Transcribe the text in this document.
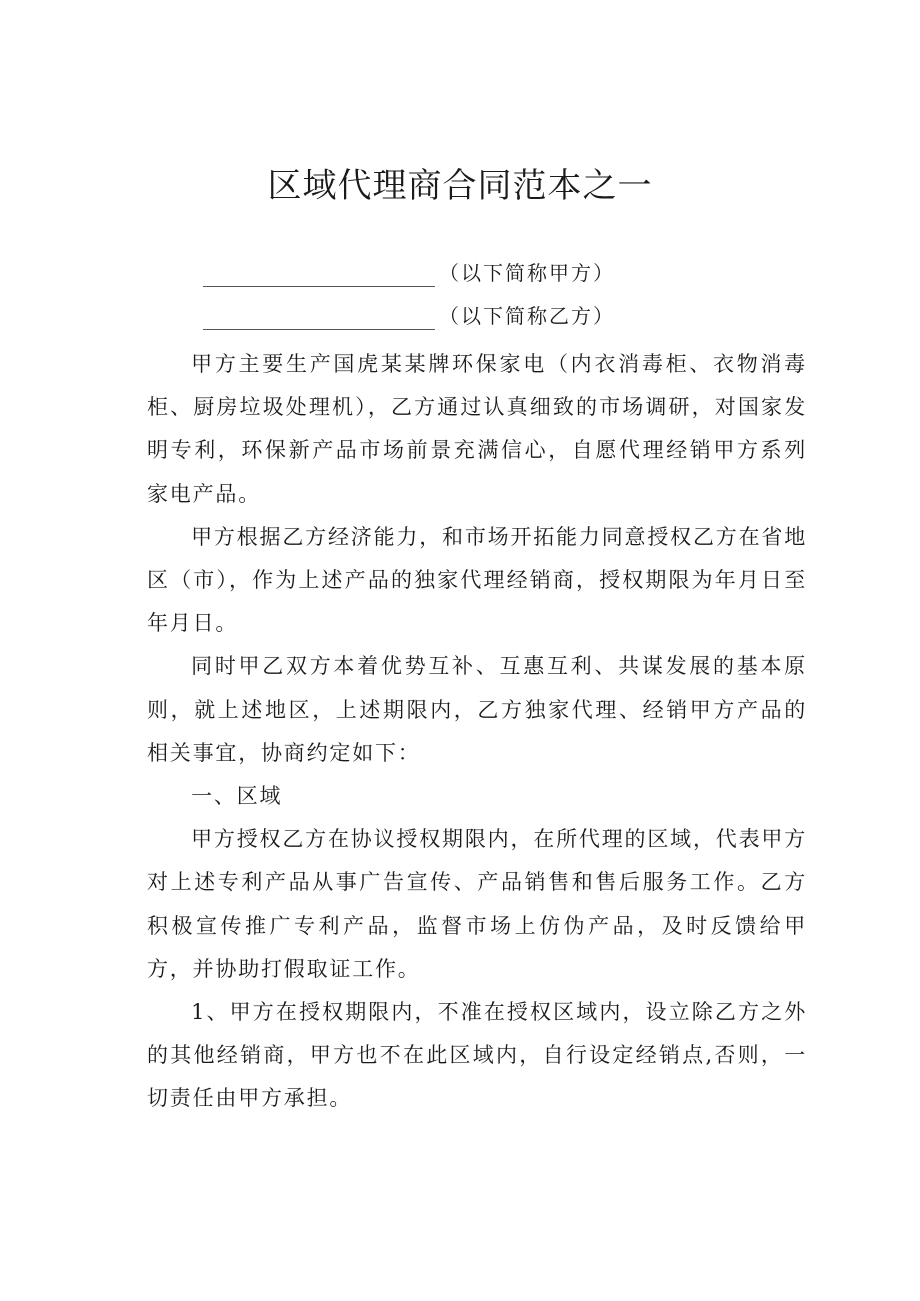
区域代理商合同范本之一
（以下简称甲方）
（以下简称乙方）

甲方主要生产国虎某某牌环保家电（内衣消毒柜、衣物消毒柜、厨房垃圾处理机），乙方通过认真细致的市场调研，对国家发明专利，环保新产品市场前景充满信心，自愿代理经销甲方系列家电产品。

甲方根据乙方经济能力，和市场开拓能力同意授权乙方在省地区（市），作为上述产品的独家代理经销商，授权期限为年月日至年月日。

同时甲乙双方本着优势互补、互惠互利、共谋发展的基本原则，就上述地区，上述期限内，乙方独家代理、经销甲方产品的相关事宜，协商约定如下：

一、区域

甲方授权乙方在协议授权期限内，在所代理的区域，代表甲方对上述专利产品从事广告宣传、产品销售和售后服务工作。乙方积极宣传推广专利产品，监督市场上仿伪产品，及时反馈给甲方，并协助打假取证工作。

1、甲方在授权期限内，不准在授权区域内，设立除乙方之外的其他经销商，甲方也不在此区域内，自行设定经销点,否则，一切责任由甲方承担。
